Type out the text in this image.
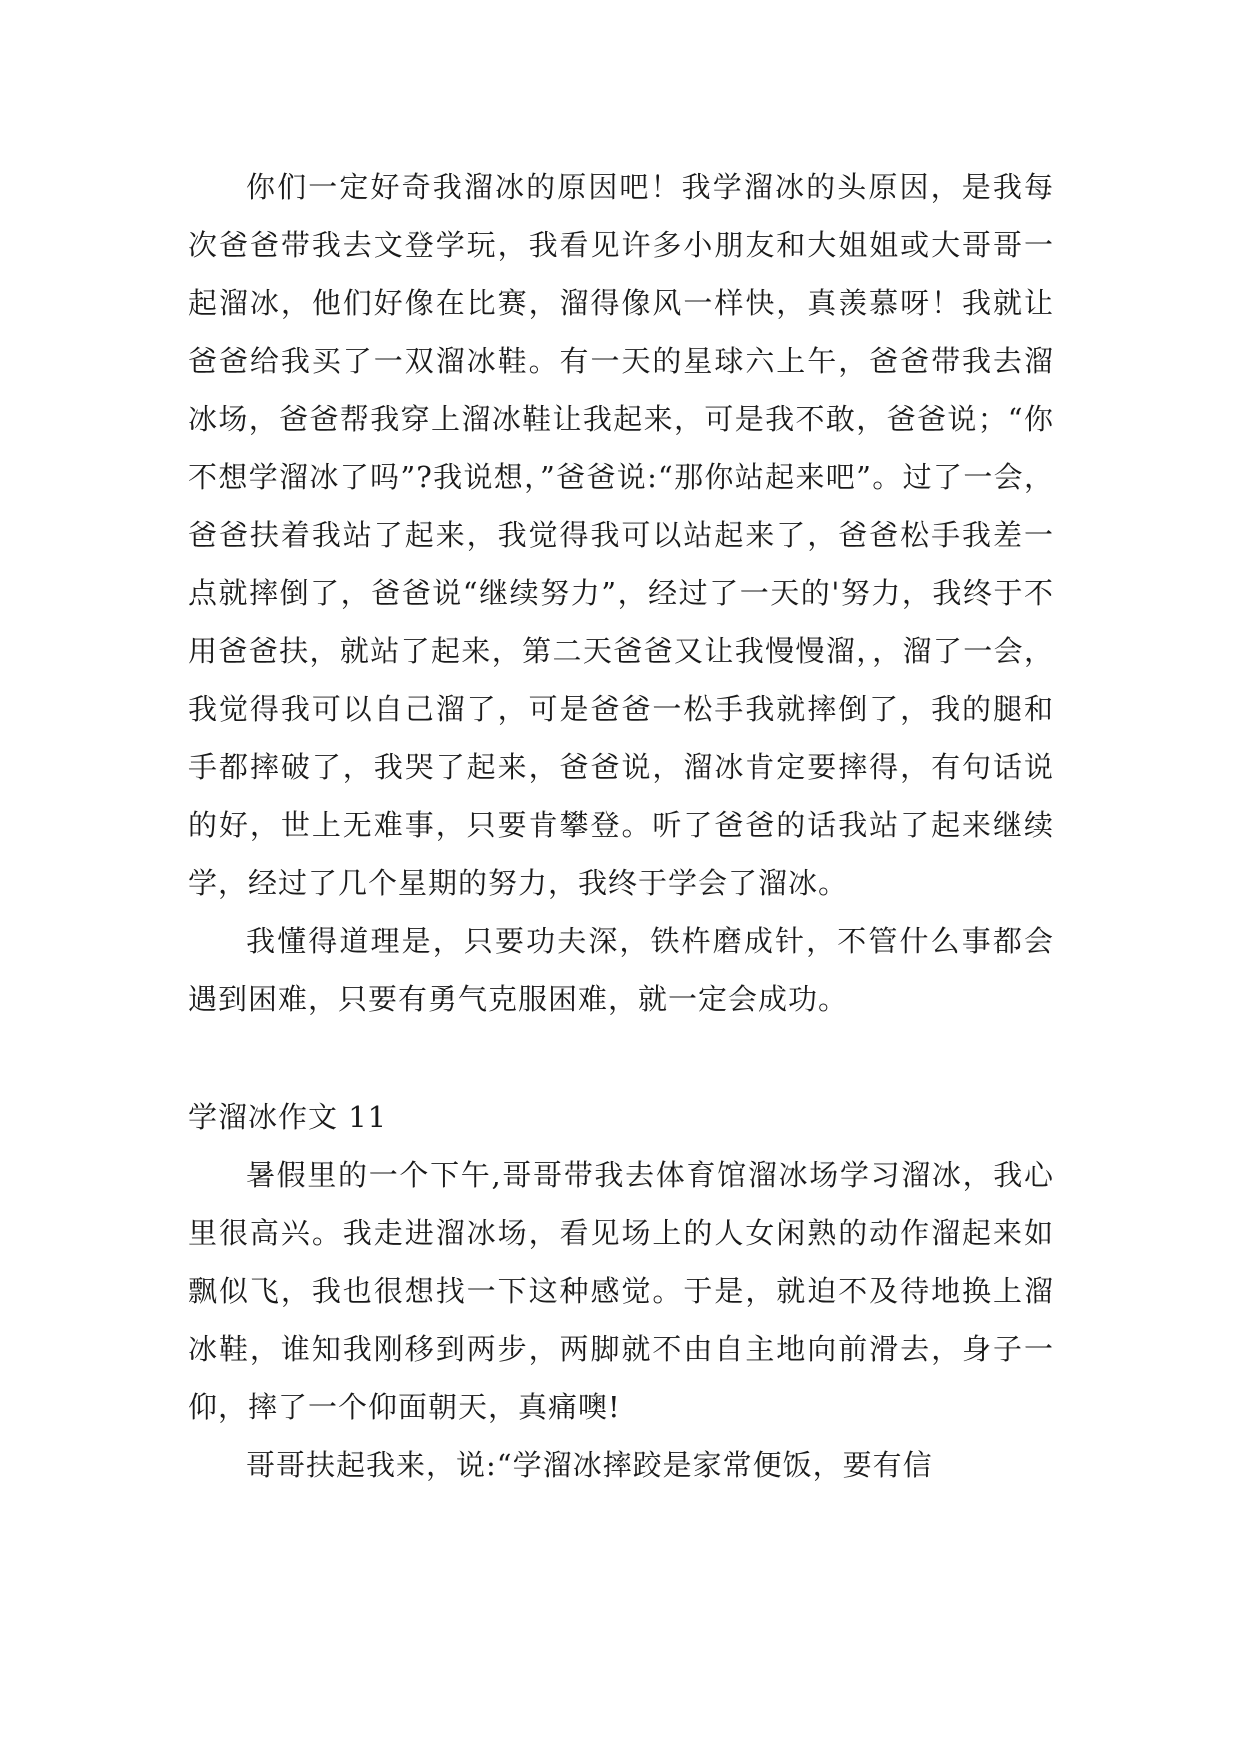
你们一定好奇我溜冰的原因吧！我学溜冰的头原因，是我每次爸爸带我去文登学玩，我看见许多小朋友和大姐姐或大哥哥一起溜冰，他们好像在比赛，溜得像风一样快，真羡慕呀！我就让爸爸给我买了一双溜冰鞋。有一天的星球六上午，爸爸带我去溜冰场，爸爸帮我穿上溜冰鞋让我起来，可是我不敢，爸爸说；“你不想学溜冰了吗”?我说想，”爸爸说:“那你站起来吧”。过了一会，爸爸扶着我站了起来，我觉得我可以站起来了，爸爸松手我差一点就摔倒了，爸爸说“继续努力”，经过了一天的'努力，我终于不用爸爸扶，就站了起来，第二天爸爸又让我慢慢溜，，溜了一会，我觉得我可以自己溜了，可是爸爸一松手我就摔倒了，我的腿和手都摔破了，我哭了起来，爸爸说，溜冰肯定要摔得，有句话说的好，世上无难事，只要肯攀登。听了爸爸的话我站了起来继续学，经过了几个星期的努力，我终于学会了溜冰。

我懂得道理是，只要功夫深，铁杵磨成针，不管什么事都会遇到困难，只要有勇气克服困难，就一定会成功。

学溜冰作文 11

暑假里的一个下午,哥哥带我去体育馆溜冰场学习溜冰，我心里很高兴。我走进溜冰场，看见场上的人女闲熟的动作溜起来如飘似飞，我也很想找一下这种感觉。于是，就迫不及待地换上溜冰鞋，谁知我刚移到两步，两脚就不由自主地向前滑去，身子一仰，摔了一个仰面朝天，真痛噢!

哥哥扶起我来，说:“学溜冰摔跤是家常便饭，要有信
